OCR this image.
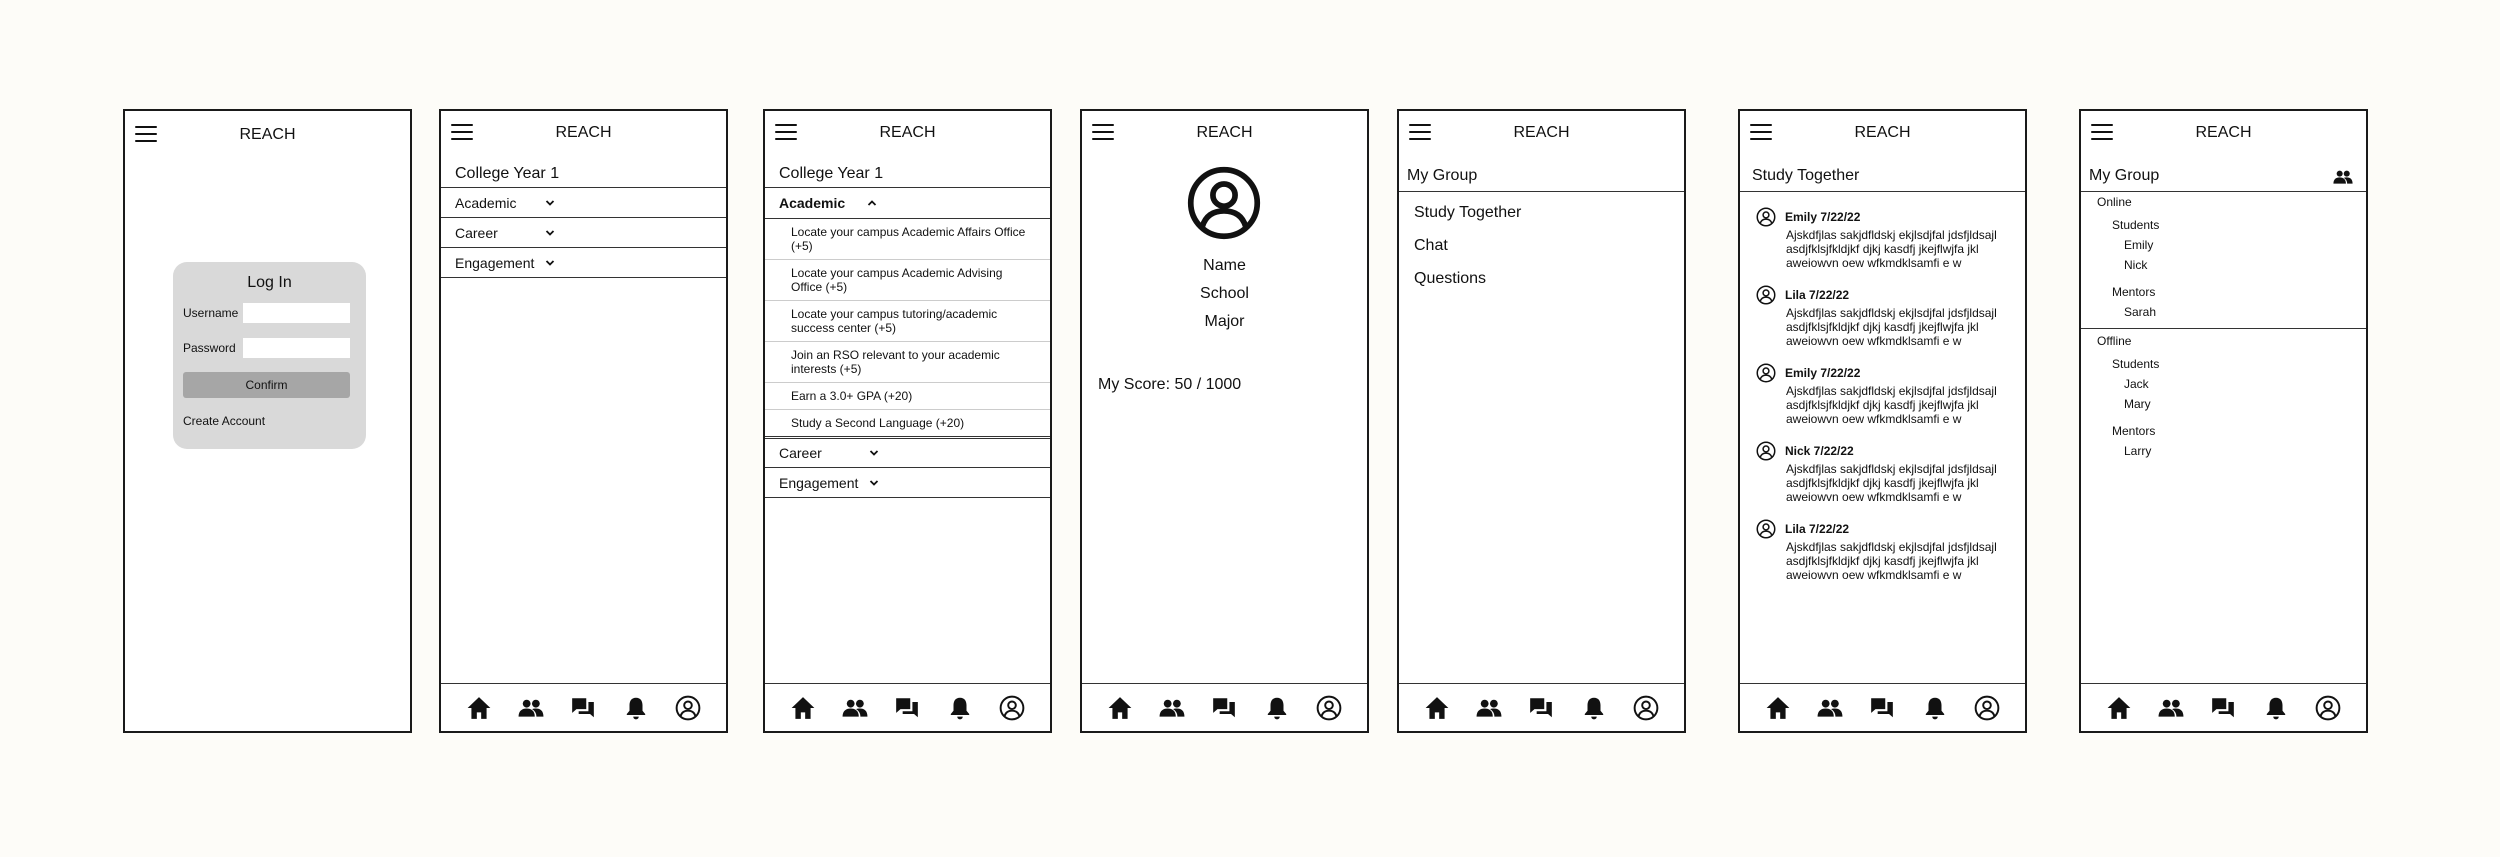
REACH
Log In
Username
Password
Confirm
Create Account
REACH
College Year 1
Academic
Career
Engagement
REACH
College Year 1
Academic
Locate your campus Academic Affairs Office (+5)
Locate your campus Academic Advising Office (+5)
Locate your campus tutoring/academic success center (+5)
Join an RSO relevant to your academic interests (+5)
Earn a 3.0+ GPA (+20)
Study a Second Language (+20)
Career
Engagement
REACH
Name
School
Major
My Score: 50 / 1000
REACH
My Group
Study Together
Chat
Questions
REACH
Study Together
Emily 7/22/22
Ajskdfjlas sakjdfldskj ekjlsdjfal jdsfjldsajl asdjfklsjfkldjkf djkj kasdfj jkejflwjfa jkl aweiowvn oew wfkmdklsamfi e w
Lila 7/22/22
Ajskdfjlas sakjdfldskj ekjlsdjfal jdsfjldsajl asdjfklsjfkldjkf djkj kasdfj jkejflwjfa jkl aweiowvn oew wfkmdklsamfi e w
Emily 7/22/22
Ajskdfjlas sakjdfldskj ekjlsdjfal jdsfjldsajl asdjfklsjfkldjkf djkj kasdfj jkejflwjfa jkl aweiowvn oew wfkmdklsamfi e w
Nick 7/22/22
Ajskdfjlas sakjdfldskj ekjlsdjfal jdsfjldsajl asdjfklsjfkldjkf djkj kasdfj jkejflwjfa jkl aweiowvn oew wfkmdklsamfi e w
Lila 7/22/22
Ajskdfjlas sakjdfldskj ekjlsdjfal jdsfjldsajl asdjfklsjfkldjkf djkj kasdfj jkejflwjfa jkl aweiowvn oew wfkmdklsamfi e w
REACH
My Group
Online
Students
Emily
Nick
Mentors
Sarah
Offline
Students
Jack
Mary
Mentors
Larry
